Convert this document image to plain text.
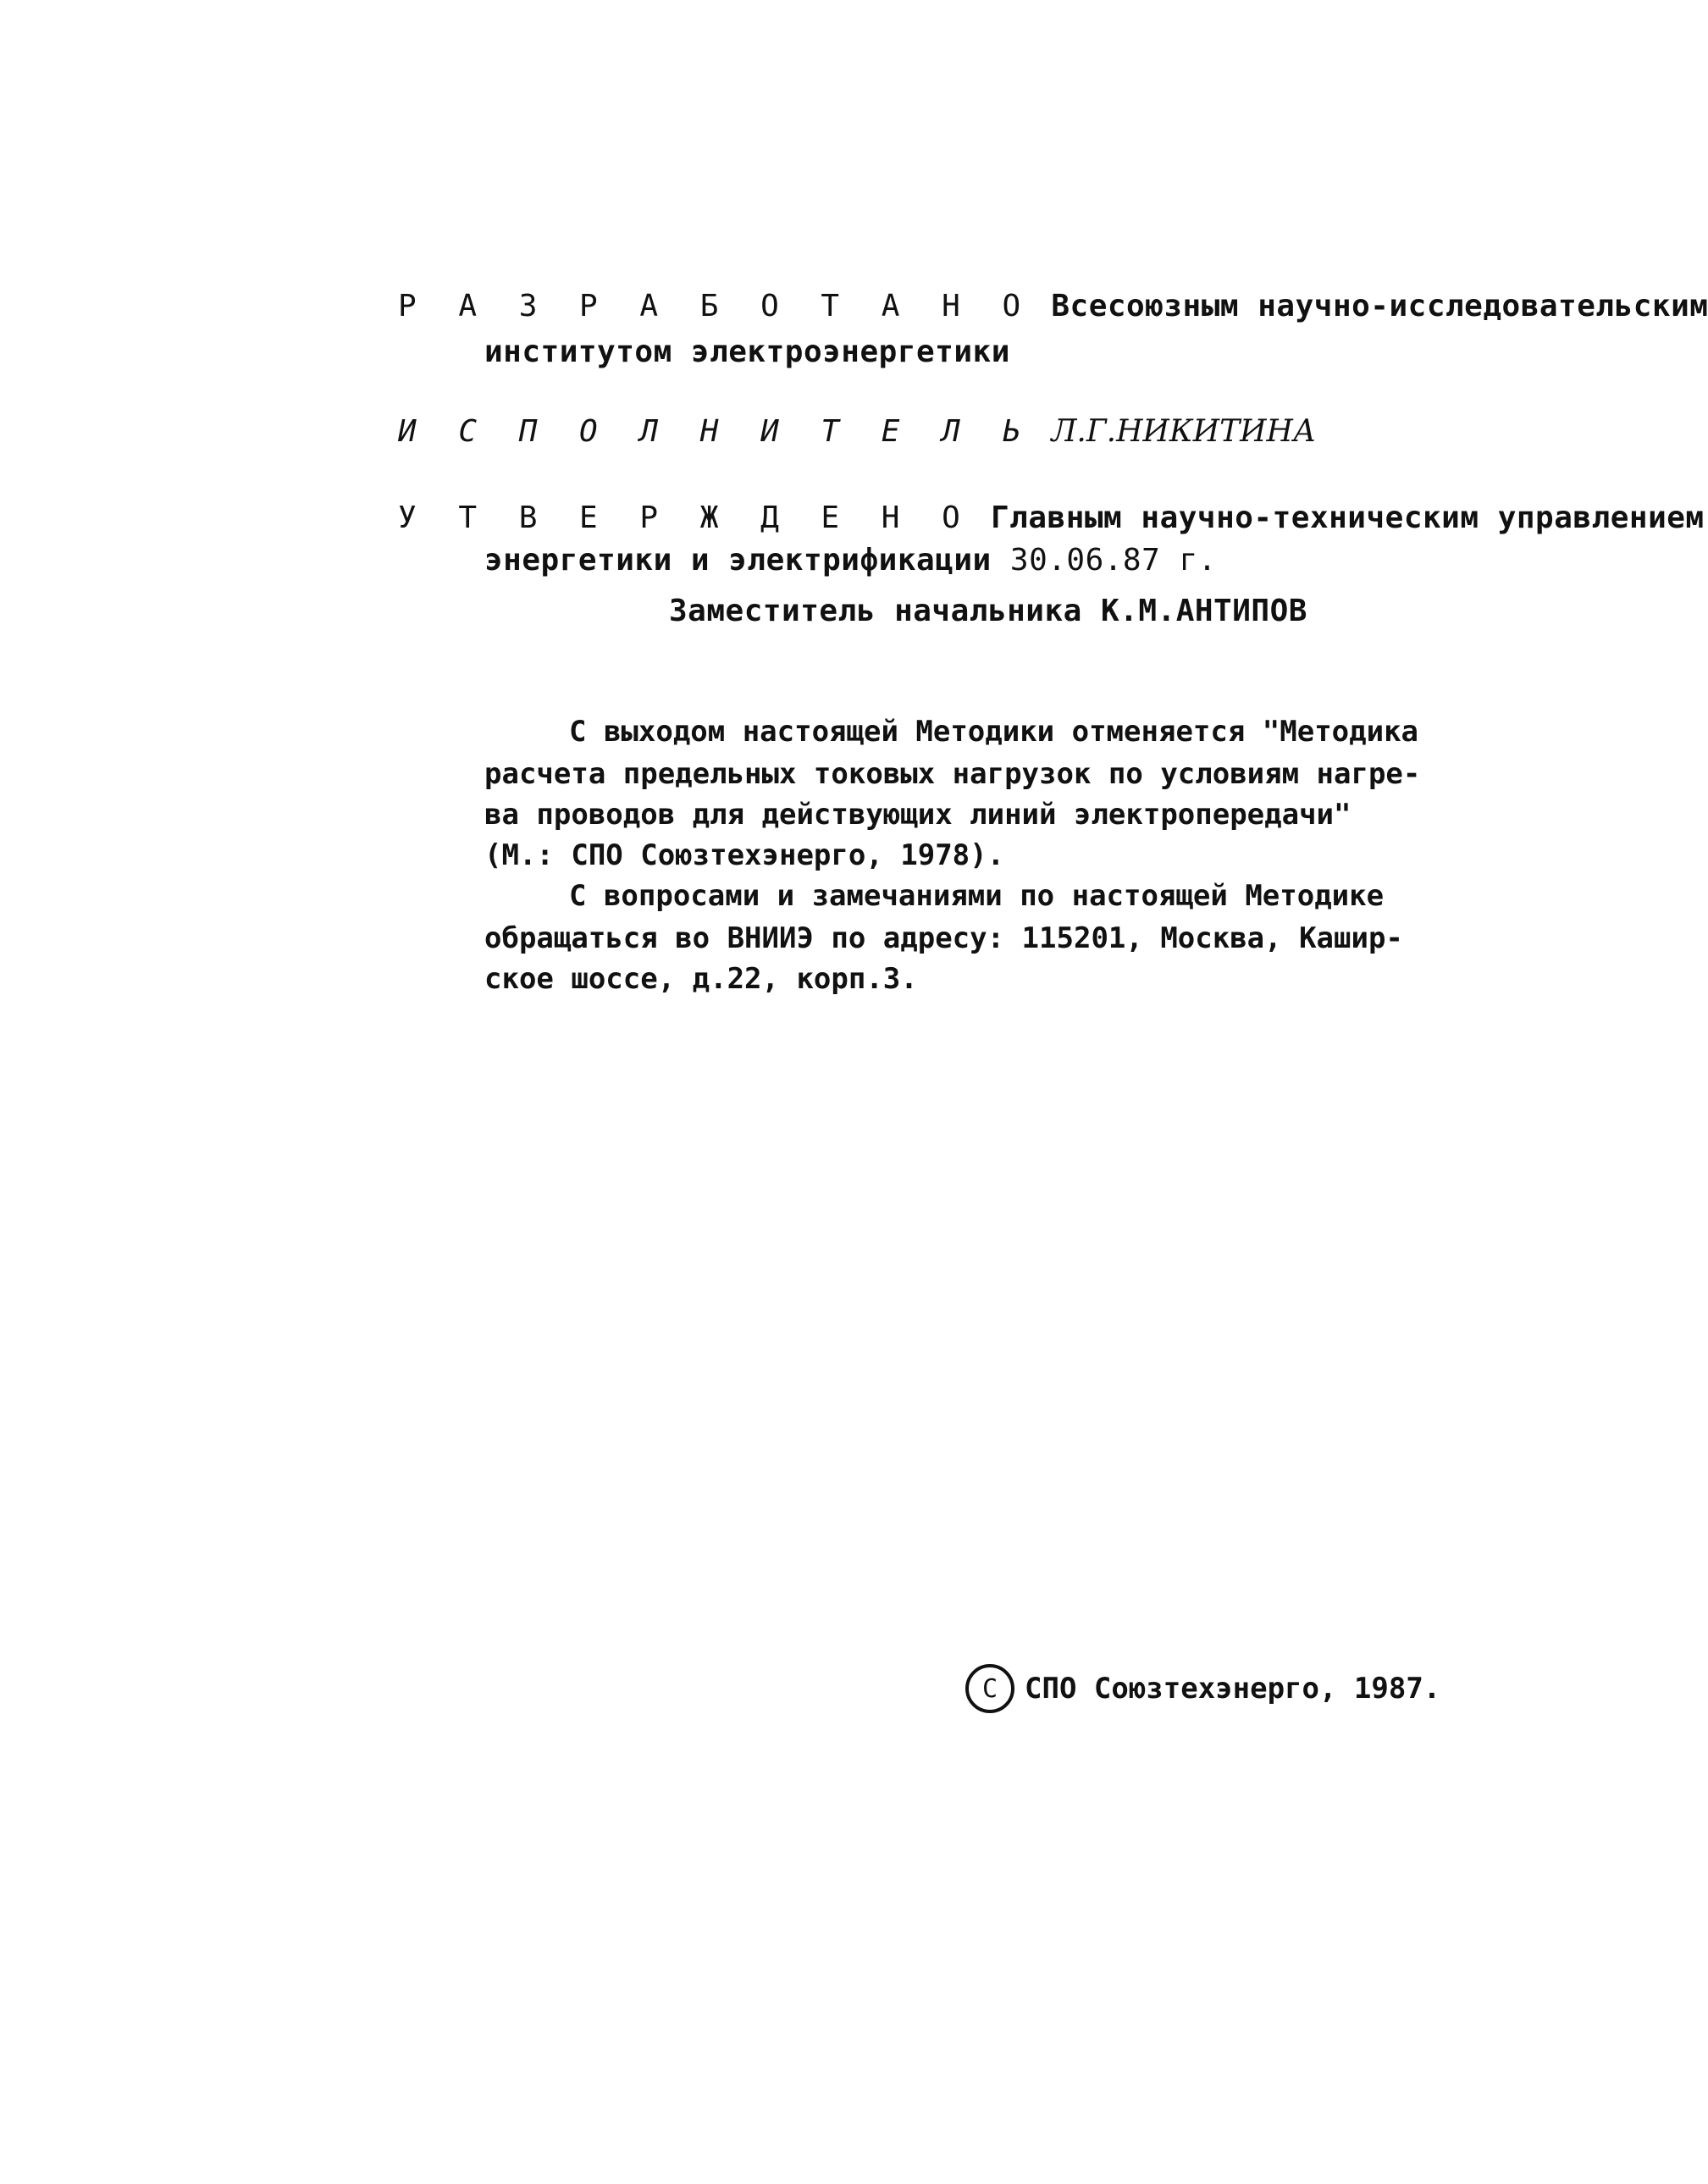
Р А З Р А Б О Т А Н О Всесоюзным научно-исследовательским
институтом электроэнергетики
И С П О Л Н И Т Е Л Ь Л.Г.НИКИТИНА
У Т В Е Р Ж Д Е Н О Главным научно-техническим управлением
энергетики и электрификации 30.06.87 г.
Заместитель начальника К.М.АНТИПОВ
С выходом настоящей Методики отменяется "Методика
расчета предельных токовых нагрузок по условиям нагре-
ва проводов для действующих линий электропередачи"
(М.: СПО Союзтехэнерго, 1978).
С вопросами и замечаниями по настоящей Методике
обращаться во ВНИИЭ по адресу: 115201, Москва, Кашир-
ское шоссе, д.22, корп.3.
С СПО Союзтехэнерго, 1987.
